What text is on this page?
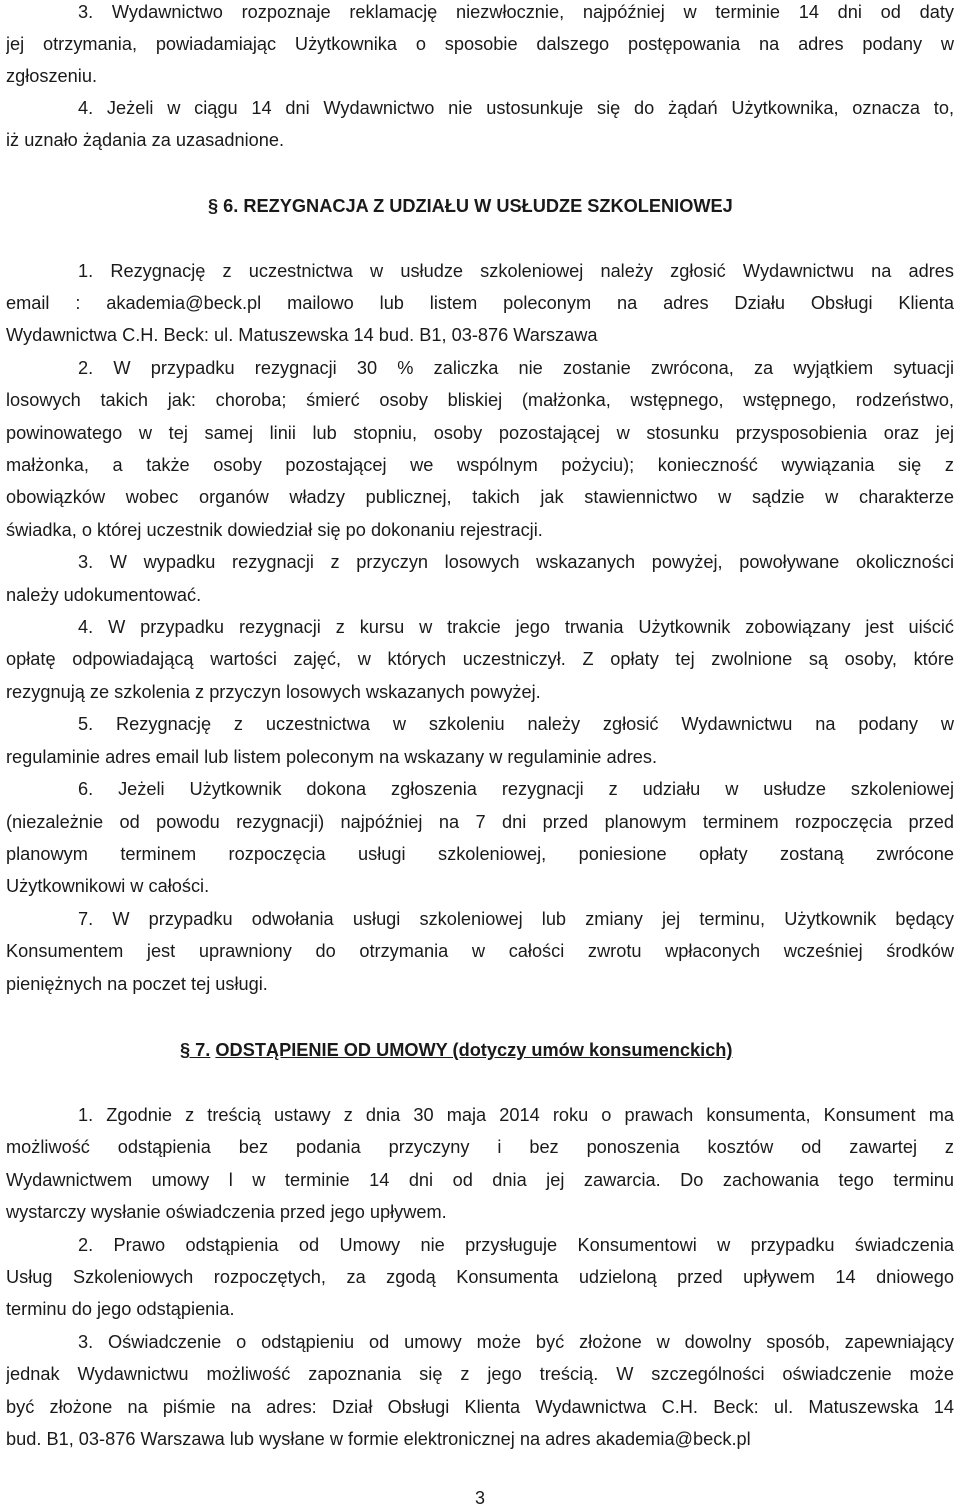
3. Wydawnictwo rozpoznaje reklamację niezwłocznie, najpóźniej w terminie 14 dni od daty
jej otrzymania, powiadamiając Użytkownika o sposobie dalszego postępowania na adres podany w
zgłoszeniu.
4. Jeżeli w ciągu 14 dni Wydawnictwo nie ustosunkuje się do żądań Użytkownika, oznacza to,
iż uznało żądania za uzasadnione.
§ 6. REZYGNACJA Z UDZIAŁU W USŁUDZE SZKOLENIOWEJ
1. Rezygnację z uczestnictwa w usłudze szkoleniowej należy zgłosić Wydawnictwu na adres
email : akademia@beck.pl mailowo lub listem poleconym na adres Działu Obsługi Klienta
Wydawnictwa C.H. Beck: ul. Matuszewska 14 bud. B1, 03-876 Warszawa
2. W przypadku rezygnacji 30 % zaliczka nie zostanie zwrócona, za wyjątkiem sytuacji
losowych takich jak: choroba; śmierć osoby bliskiej (małżonka, wstępnego, wstępnego, rodzeństwo,
powinowatego w tej samej linii lub stopniu, osoby pozostającej w stosunku przysposobienia oraz jej
małżonka, a także osoby pozostającej we wspólnym pożyciu); konieczność wywiązania się z
obowiązków wobec organów władzy publicznej, takich jak stawiennictwo w sądzie w charakterze
świadka, o której uczestnik dowiedział się po dokonaniu rejestracji.
3. W wypadku rezygnacji z przyczyn losowych wskazanych powyżej, powoływane okoliczności
należy udokumentować.
4. W przypadku rezygnacji z kursu w trakcie jego trwania Użytkownik zobowiązany jest uiścić
opłatę odpowiadającą wartości zajęć, w których uczestniczył. Z opłaty tej zwolnione są osoby, które
rezygnują ze szkolenia z przyczyn losowych wskazanych powyżej.
5. Rezygnację z uczestnictwa w szkoleniu należy zgłosić Wydawnictwu na podany w
regulaminie adres email lub listem poleconym na wskazany w regulaminie adres.
6. Jeżeli Użytkownik dokona zgłoszenia rezygnacji z udziału w usłudze szkoleniowej
(niezależnie od powodu rezygnacji) najpóźniej na 7 dni przed planowym terminem rozpoczęcia przed
planowym terminem rozpoczęcia usługi szkoleniowej, poniesione opłaty zostaną zwrócone
Użytkownikowi w całości.
7. W przypadku odwołania usługi szkoleniowej lub zmiany jej terminu, Użytkownik będący
Konsumentem jest uprawniony do otrzymania w całości zwrotu wpłaconych wcześniej środków
pieniężnych na poczet tej usługi.
§ 7. ODSTĄPIENIE OD UMOWY (dotyczy umów konsumenckich)
1. Zgodnie z treścią ustawy z dnia 30 maja 2014 roku o prawach konsumenta, Konsument ma
możliwość odstąpienia bez podania przyczyny i bez ponoszenia kosztów od zawartej z
Wydawnictwem umowy l w terminie 14 dni od dnia jej zawarcia. Do zachowania tego terminu
wystarczy wysłanie oświadczenia przed jego upływem.
2. Prawo odstąpienia od Umowy nie przysługuje Konsumentowi w przypadku świadczenia
Usług Szkoleniowych rozpoczętych, za zgodą Konsumenta udzieloną przed upływem 14 dniowego
terminu do jego odstąpienia.
3. Oświadczenie o odstąpieniu od umowy może być złożone w dowolny sposób, zapewniający
jednak Wydawnictwu możliwość zapoznania się z jego treścią. W szczególności oświadczenie może
być złożone na piśmie na adres: Dział Obsługi Klienta Wydawnictwa C.H. Beck: ul. Matuszewska 14
bud. B1, 03-876 Warszawa lub wysłane w formie elektronicznej na adres akademia@beck.pl
3
